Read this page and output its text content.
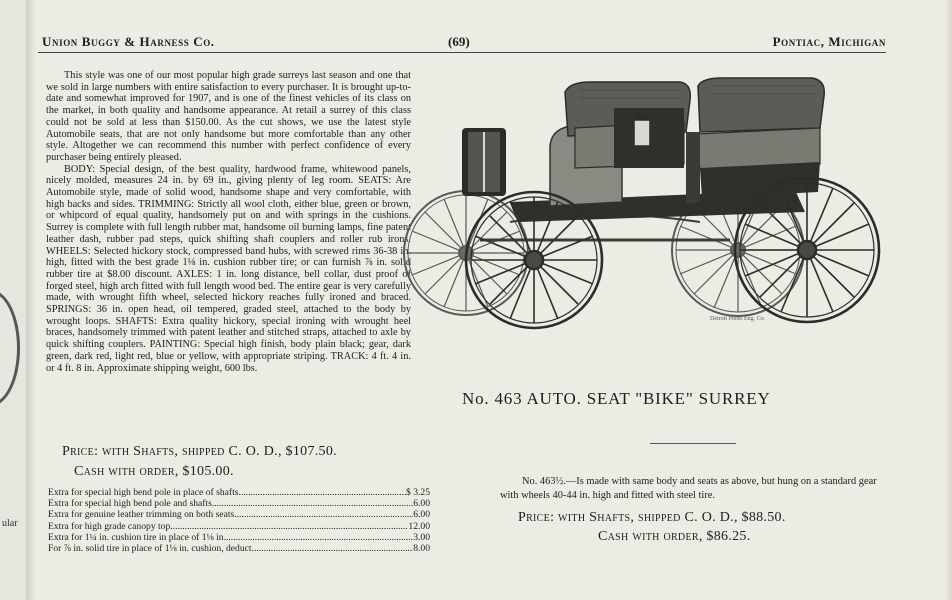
ular
Union Buggy & Harness Co.	(69)	Pontiac, Michigan

This style was one of our most popular high grade surreys last season and one that we sold in large numbers with entire satisfaction to every purchaser. It is brought up-to-date and somewhat improved for 1907, and is one of the finest vehicles of its class on the market, in both quality and handsome appearance. At retail a surrey of this class could not be sold at less than $150.00. As the cut shows, we use the latest style Automobile seats, that are not only handsome but more comfortable than any other style. Altogether we can recommend this number with perfect confidence of every purchaser being entirely pleased.

BODY: Special design, of the best quality, hardwood frame, whitewood panels, nicely molded, measures 24 in. by 69 in., giving plenty of leg room. SEATS: Are Automobile style, made of solid wood, handsome shape and very comfortable, with high backs and sides. TRIMMING: Strictly all wool cloth, either blue, green or brown, or whipcord of equal quality, handsomely put on and with springs in the cushions. Surrey is complete with full length rubber mat, handsome oil burning lamps, fine patent leather dash, rubber pad steps, quick shifting shaft couplers and roller rub irons. WHEELS: Selected hickory stock, compressed band hubs, with screwed rims 36-38 in. high, fitted with the best grade 1⅛ in. cushion rubber tire; or can furnish ⅞ in. solid rubber tire at $8.00 discount. AXLES: 1 in. long distance, bell collar, dust proof of forged steel, high arch fitted with full length wood bed. The entire gear is very carefully made, with wrought fifth wheel, selected hickory reaches fully ironed and braced. SPRINGS: 36 in. open head, oil tempered, graded steel, attached to the body by wrought loops. SHAFTS: Extra quality hickory, special ironing with wrought heel braces, handsomely trimmed with patent leather and stitched straps, attached to axle by quick shifting couplers. PAINTING: Special high finish, body plain black; gear, dark green, dark red, light red, blue or yellow, with appropriate striping. TRACK: 4 ft. 4 in. or 4 ft. 8 in. Approximate shipping weight, 600 lbs.

Price: with Shafts, shipped C. O. D., $107.50.
Cash with order, $105.00.
Extra for special high bend pole in place of shafts .....	$ 3.25
Extra for special high bend pole and shafts .....	6.00
Extra for genuine leather trimming on both seats .....	6.00
Extra for high grade canopy top .....	12.00
Extra for 1¼ in. cushion tire in place of 1⅛ in. .....	3.00
For ⅞ in. solid tire in place of 1⅛ in. cushion, deduct .....	8.00
Detroit Photo Eng. Co.
No. 463 AUTO. SEAT "BIKE" SURREY

No. 463½.—Is made with same body and seats as above, but hung on a standard gear with wheels 40-44 in. high and fitted with steel tire.

Price: with Shafts, shipped C. O. D., $88.50.
Cash with order, $86.25.
